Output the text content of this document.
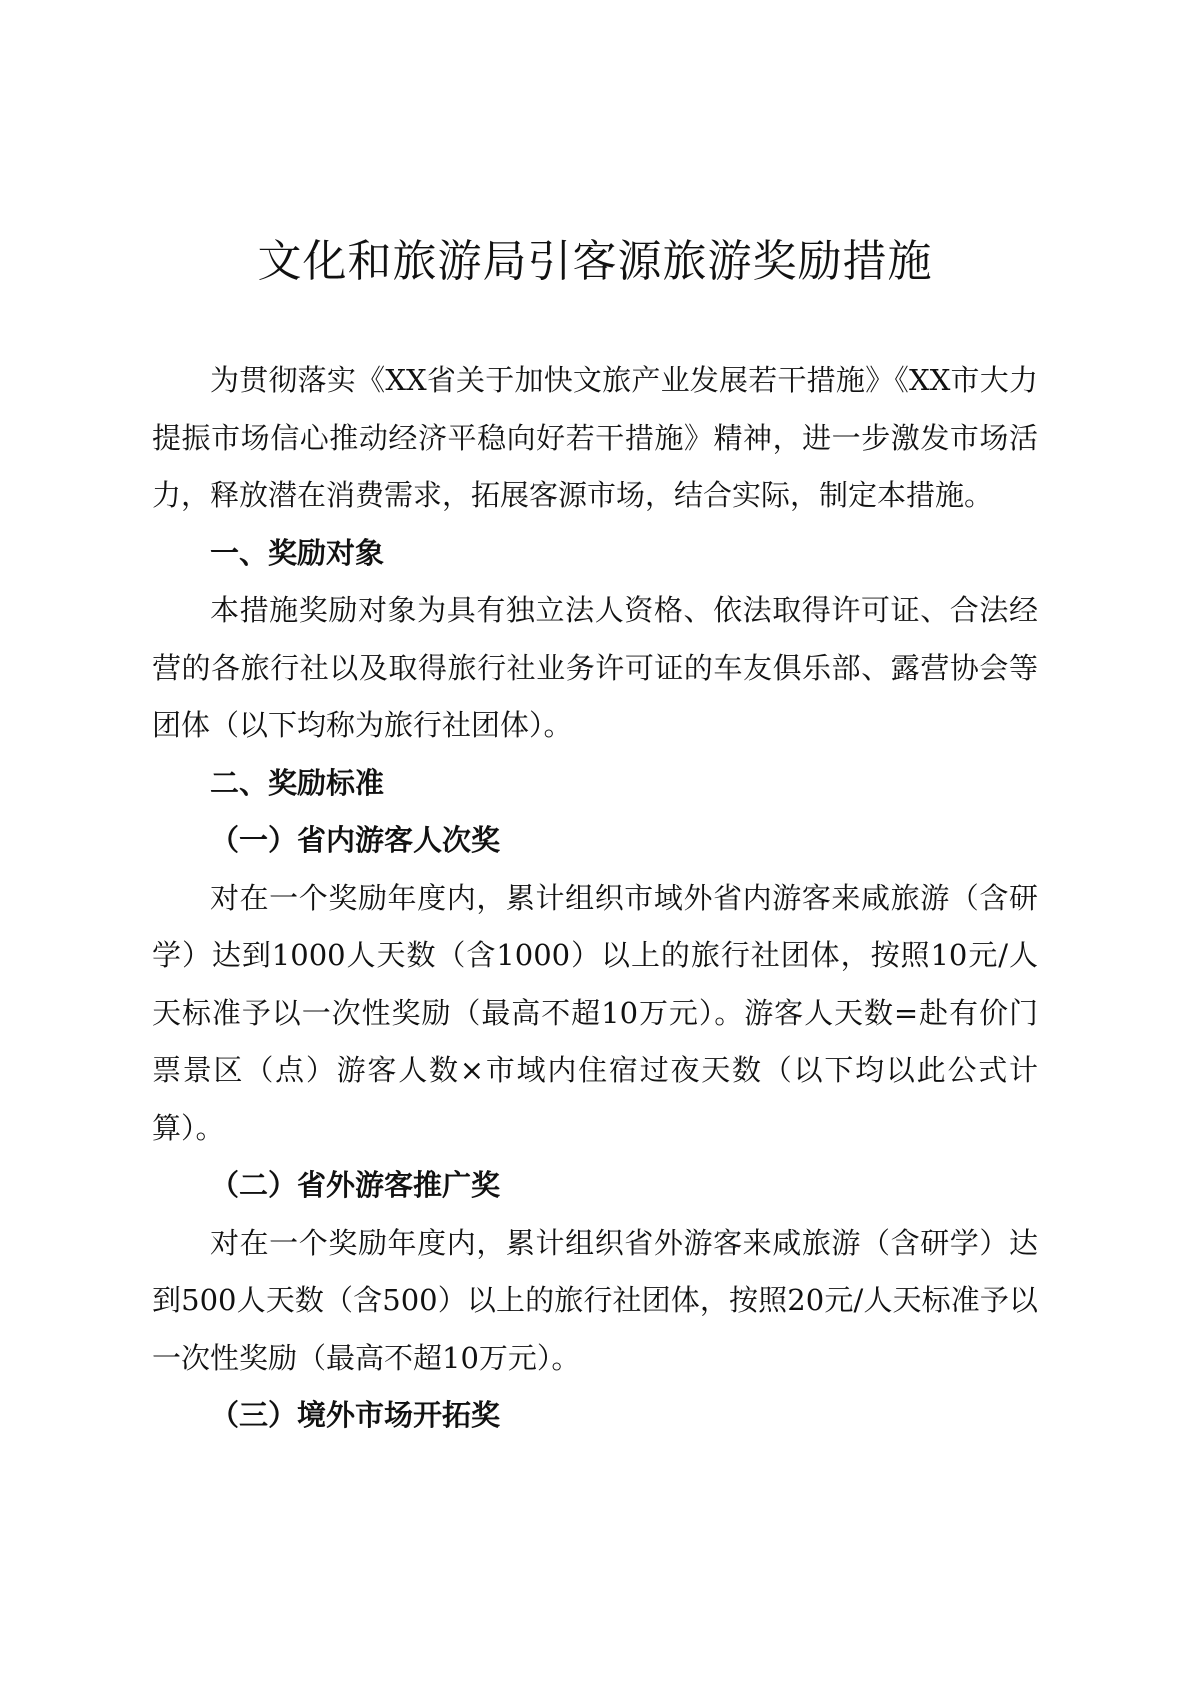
文化和旅游局引客源旅游奖励措施

为贯彻落实《XX省关于加快文旅产业发展若干措施》《XX市大力提振市场信心推动经济平稳向好若干措施》精神，进一步激发市场活力，释放潜在消费需求，拓展客源市场，结合实际，制定本措施。

一、奖励对象

本措施奖励对象为具有独立法人资格、依法取得许可证、合法经营的各旅行社以及取得旅行社业务许可证的车友俱乐部、露营协会等团体（以下均称为旅行社团体）。

二、奖励标准

（一）省内游客人次奖

对在一个奖励年度内，累计组织市域外省内游客来咸旅游（含研学）达到1000人天数（含1000）以上的旅行社团体，按照10元/人天标准予以一次性奖励（最高不超10万元）。游客人天数=赴有价门票景区（点）游客人数×市域内住宿过夜天数（以下均以此公式计算）。

（二）省外游客推广奖

对在一个奖励年度内，累计组织省外游客来咸旅游（含研学）达到500人天数（含500）以上的旅行社团体，按照20元/人天标准予以一次性奖励（最高不超10万元）。

（三）境外市场开拓奖
